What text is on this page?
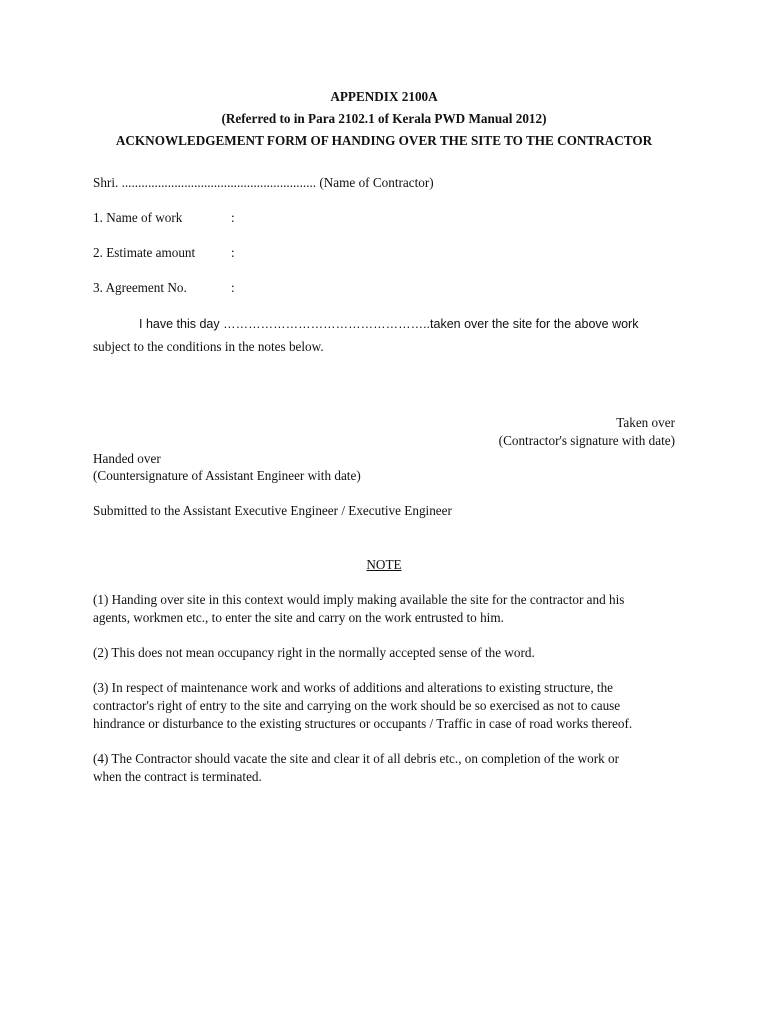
APPENDIX 2100A
(Referred to in Para 2102.1 of Kerala PWD Manual 2012)
ACKNOWLEDGEMENT FORM OF HANDING OVER THE SITE TO THE CONTRACTOR
Shri. ........................................................... (Name of Contractor)
1. Name of work	:
2. Estimate amount	:
3. Agreement No.	:
I have this day …………………………………………..taken over the site for the above work
subject to the conditions in the notes below.
Taken over
(Contractor's signature with date)
Handed over
(Countersignature of Assistant Engineer with date)
Submitted to the Assistant Executive Engineer / Executive Engineer
NOTE
(1) Handing over site in this context would imply making available the site for the contractor and his
agents, workmen etc., to enter the site and carry on the work entrusted to him.
(2) This does not mean occupancy right in the normally accepted sense of the word.
(3) In respect of maintenance work and works of additions and alterations to existing structure, the
contractor's right of entry to the site and carrying on the work should be so exercised as not to cause
hindrance or disturbance to the existing structures or occupants / Traffic in case of road works thereof.
(4) The Contractor should vacate the site and clear it of all debris etc., on completion of the work or
when the contract is terminated.
